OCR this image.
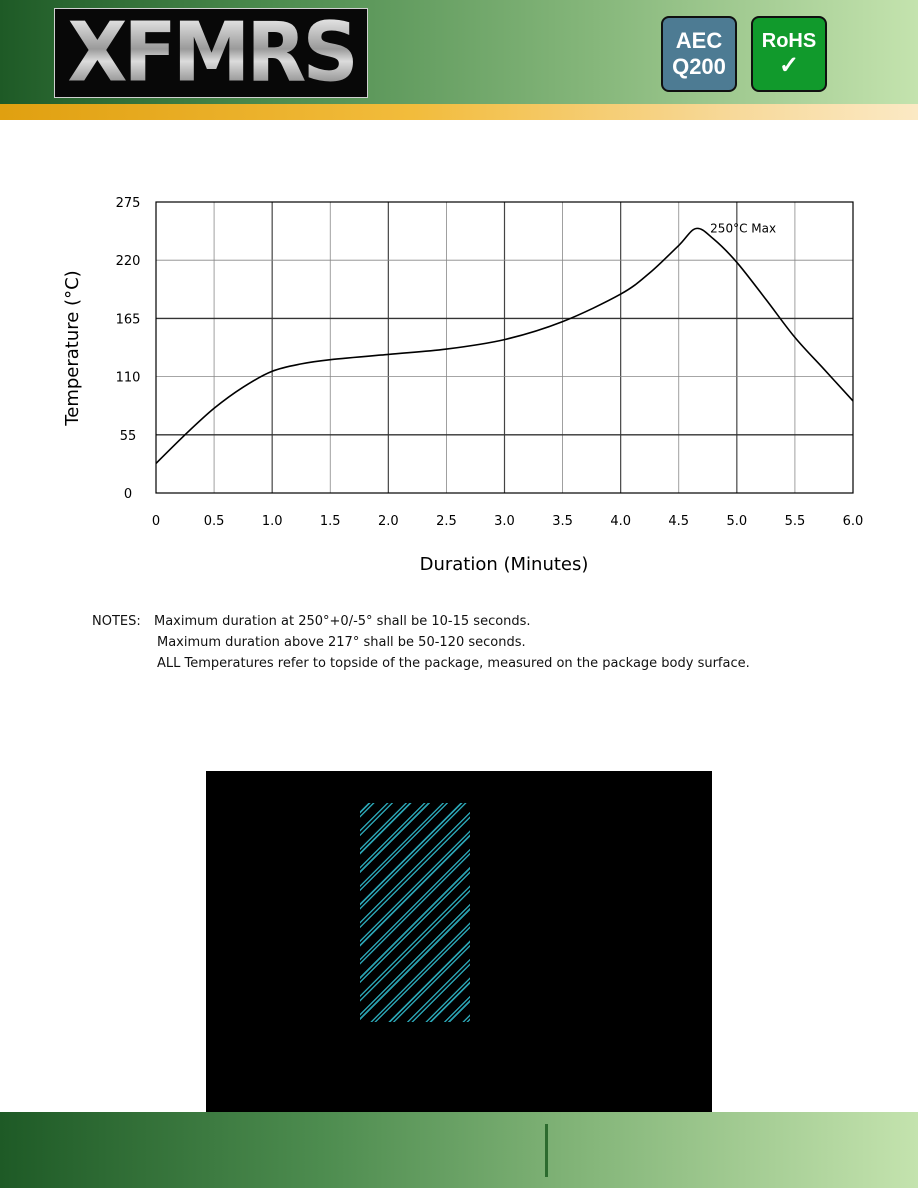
XFMRS	AEC
Q200
RoHS
✓
0	0.5	1.0	1.5	2.0	2.5	3.0	3.5	4.0	4.5	5.0	5.5	6.0
0
55
110
165
220
275
250°C Max
Duration (Minutes)
Temperature (°C)
NOTES: Maximum duration at 250°+0/-5° shall be 10-15 seconds.
Maximum duration above 217° shall be 50-120 seconds.
ALL Temperatures refer to topside of the package, measured on the package body surface.
